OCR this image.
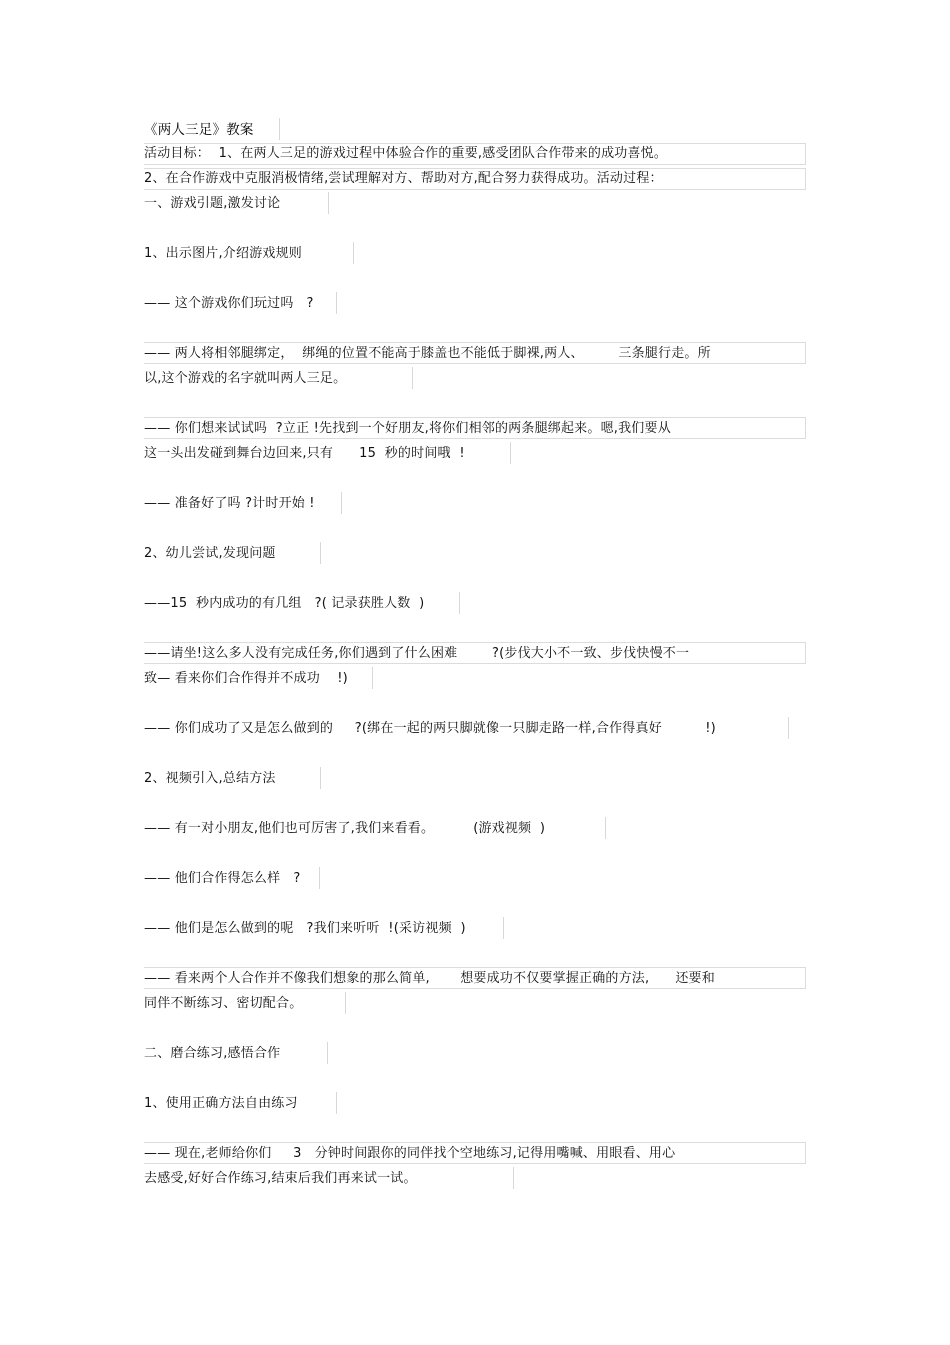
《两人三足》教案
活动目标：  1、在两人三足的游戏过程中体验合作的重要,感受团队合作带来的成功喜悦。
2、在合作游戏中克服消极情绪,尝试理解对方、帮助对方,配合努力获得成功。活动过程：
一、游戏引题,激发讨论
1、出示图片,介绍游戏规则
—— 这个游戏你们玩过吗   ?
—— 两人将相邻腿绑定，  绑绳的位置不能高于膝盖也不能低于脚裸,两人、        三条腿行走。所
以,这个游戏的名字就叫两人三足。
—— 你们想来试试吗  ?立正 !先找到一个好朋友,将你们相邻的两条腿绑起来。嗯,我们要从
这一头出发碰到舞台边回来,只有      15  秒的时间哦  !
—— 准备好了吗 ?计时开始 !
2、幼儿尝试,发现问题
——15  秒内成功的有几组   ?( 记录获胜人数  )
——请坐!这么多人没有完成任务,你们遇到了什么困难        ?(步伐大小不一致、步伐快慢不一
致— 看来你们合作得并不成功    !)
—— 你们成功了又是怎么做到的     ?(绑在一起的两只脚就像一只脚走路一样,合作得真好          !)
2、视频引入,总结方法
—— 有一对小朋友,他们也可厉害了,我们来看看。         (游戏视频  )
—— 他们合作得怎么样   ?
—— 他们是怎么做到的呢   ?我们来听听  !(采访视频  )
—— 看来两个人合作并不像我们想象的那么简单,       想要成功不仅要掌握正确的方法,      还要和
同伴不断练习、密切配合。
二、磨合练习,感悟合作
1、使用正确方法自由练习
—— 现在,老师给你们     3   分钟时间跟你的同伴找个空地练习,记得用嘴喊、用眼看、用心
去感受,好好合作练习,结束后我们再来试一试。
